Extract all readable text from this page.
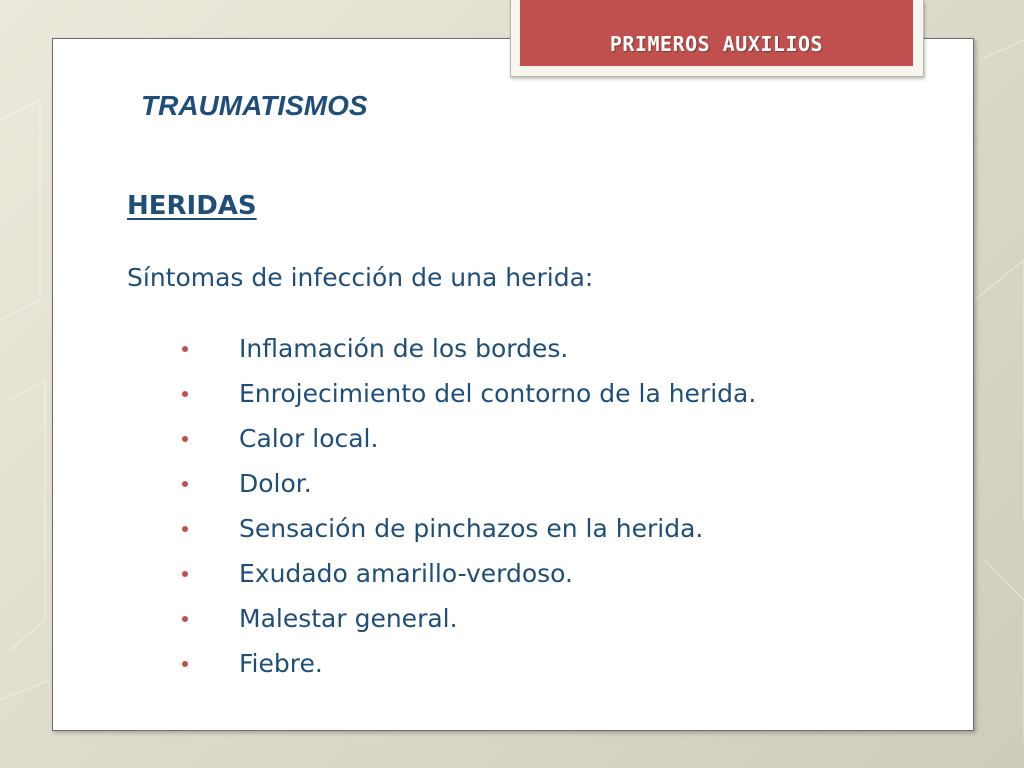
PRIMEROS AUXILIOS
TRAUMATISMOS
HERIDAS
Síntomas de infección de una herida:
Inflamación de los bordes.
Enrojecimiento del contorno de la herida.
Calor local.
Dolor.
Sensación de pinchazos en la herida.
Exudado amarillo-verdoso.
Malestar general.
Fiebre.
